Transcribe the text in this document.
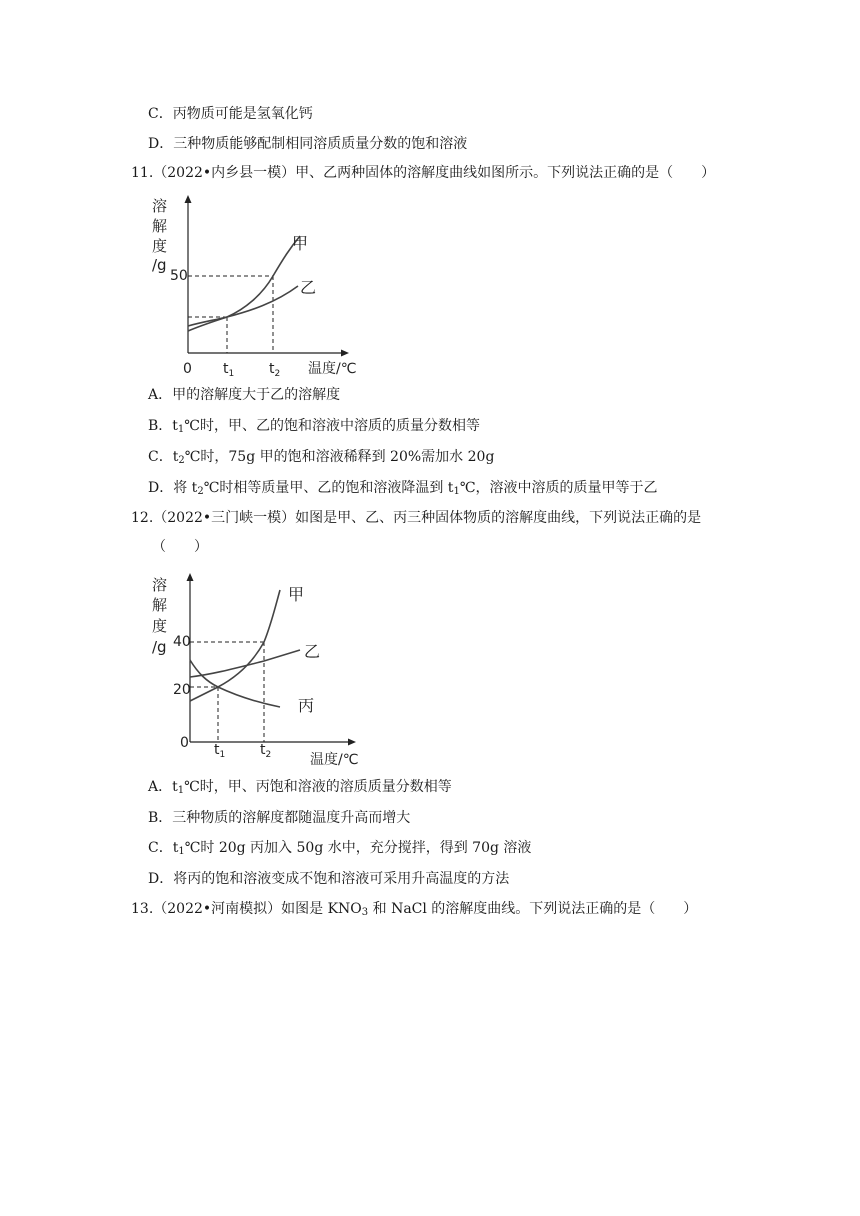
C．丙物质可能是氢氧化钙
D．三种物质能够配制相同溶质质量分数的饱和溶液
11.（2022•内乡县一模）甲、乙两种固体的溶解度曲线如图所示。下列说法正确的是（　　）
溶
解
度
/g
50
甲
乙
0 $t_1$ $t_2$ 温度/℃
A．甲的溶解度大于乙的溶解度
B．$t_1℃$时，甲、乙的饱和溶液中溶质的质量分数相等
C．$t_2℃$时，75g 甲的饱和溶液稀释到 20%需加水 20g
D．将 $t_2℃$时相等质量甲、乙的饱和溶液降温到 $t_1℃$，溶液中溶质的质量甲等于乙
12.（2022•三门峡一模）如图是甲、乙、丙三种固体物质的溶解度曲线，下列说法正确的是
（　　）
溶
解
度
/g 40
20
0
甲
乙
丙
$t_1$ $t_2$	温度/℃
A．$t_1℃$时，甲、丙饱和溶液的溶质质量分数相等
B．三种物质的溶解度都随温度升高而增大
C．$t_1℃$时 20g 丙加入 50g 水中，充分搅拌，得到 70g 溶液
D．将丙的饱和溶液变成不饱和溶液可采用升高温度的方法
13.（2022•河南模拟）如图是 $KNO_3$ 和 NaCl 的溶解度曲线。下列说法正确的是（　　）
